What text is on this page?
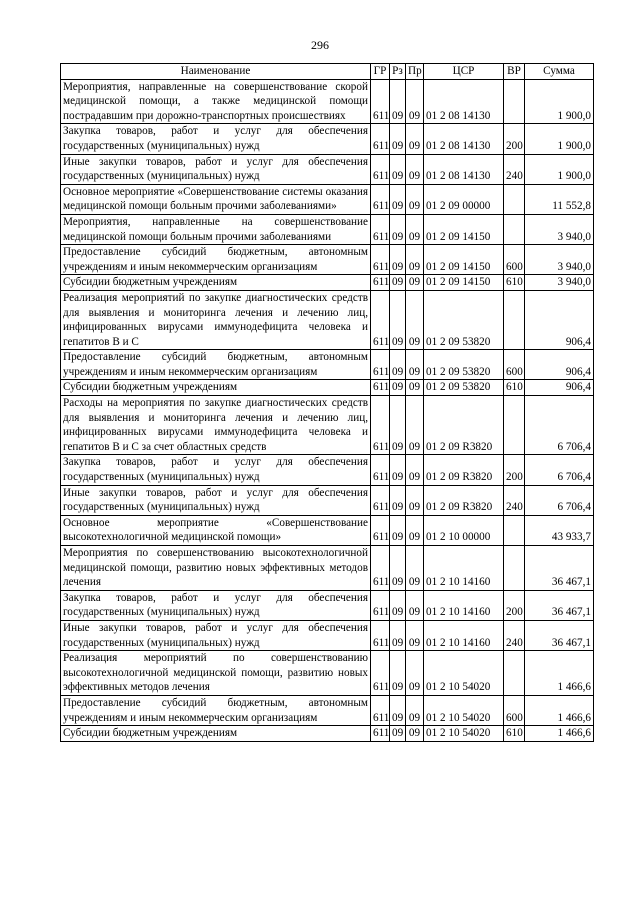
296
Наименование	ГР	Рз	Пр	ЦСР	ВР	Сумма
Мероприятия, направленные на совершенствование скорой медицинской помощи, а также медицинской помощи пострадавшим при дорожно-транспортных происшествиях	611	09	09	01 2 08 14130		1 900,0
Закупка товаров, работ и услуг для обеспечения государственных (муниципальных) нужд	611	09	09	01 2 08 14130	200	1 900,0
Иные закупки товаров, работ и услуг для обеспечения государственных (муниципальных) нужд	611	09	09	01 2 08 14130	240	1 900,0
Основное мероприятие «Совершенствование системы оказания медицинской помощи больным прочими заболеваниями»	611	09	09	01 2 09 00000		11 552,8
Мероприятия, направленные на совершенствование медицинской помощи больным прочими заболеваниями	611	09	09	01 2 09 14150		3 940,0
Предоставление субсидий бюджетным, автономным учреждениям и иным некоммерческим организациям	611	09	09	01 2 09 14150	600	3 940,0
Субсидии бюджетным учреждениям	611	09	09	01 2 09 14150	610	3 940,0
Реализация мероприятий по закупке диагностических средств для выявления и мониторинга лечения и лечению лиц, инфицированных вирусами иммунодефицита человека и гепатитов В и С	611	09	09	01 2 09 53820		906,4
Предоставление субсидий бюджетным, автономным учреждениям и иным некоммерческим организациям	611	09	09	01 2 09 53820	600	906,4
Субсидии бюджетным учреждениям	611	09	09	01 2 09 53820	610	906,4
Расходы на мероприятия по закупке диагностических средств для выявления и мониторинга лечения и лечению лиц, инфицированных вирусами иммунодефицита человека и гепатитов В и С за счет областных средств	611	09	09	01 2 09 R3820		6 706,4
Закупка товаров, работ и услуг для обеспечения государственных (муниципальных) нужд	611	09	09	01 2 09 R3820	200	6 706,4
Иные закупки товаров, работ и услуг для обеспечения государственных (муниципальных) нужд	611	09	09	01 2 09 R3820	240	6 706,4
Основное мероприятие «Совершенствование высокотехнологичной медицинской помощи»	611	09	09	01 2 10 00000		43 933,7
Мероприятия по совершенствованию высокотехнологичной медицинской помощи, развитию новых эффективных методов лечения	611	09	09	01 2 10 14160		36 467,1
Закупка товаров, работ и услуг для обеспечения государственных (муниципальных) нужд	611	09	09	01 2 10 14160	200	36 467,1
Иные закупки товаров, работ и услуг для обеспечения государственных (муниципальных) нужд	611	09	09	01 2 10 14160	240	36 467,1
Реализация мероприятий по совершенствованию высокотехнологичной медицинской помощи, развитию новых эффективных методов лечения	611	09	09	01 2 10 54020		1 466,6
Предоставление субсидий бюджетным, автономным учреждениям и иным некоммерческим организациям	611	09	09	01 2 10 54020	600	1 466,6
Субсидии бюджетным учреждениям	611	09	09	01 2 10 54020	610	1 466,6
